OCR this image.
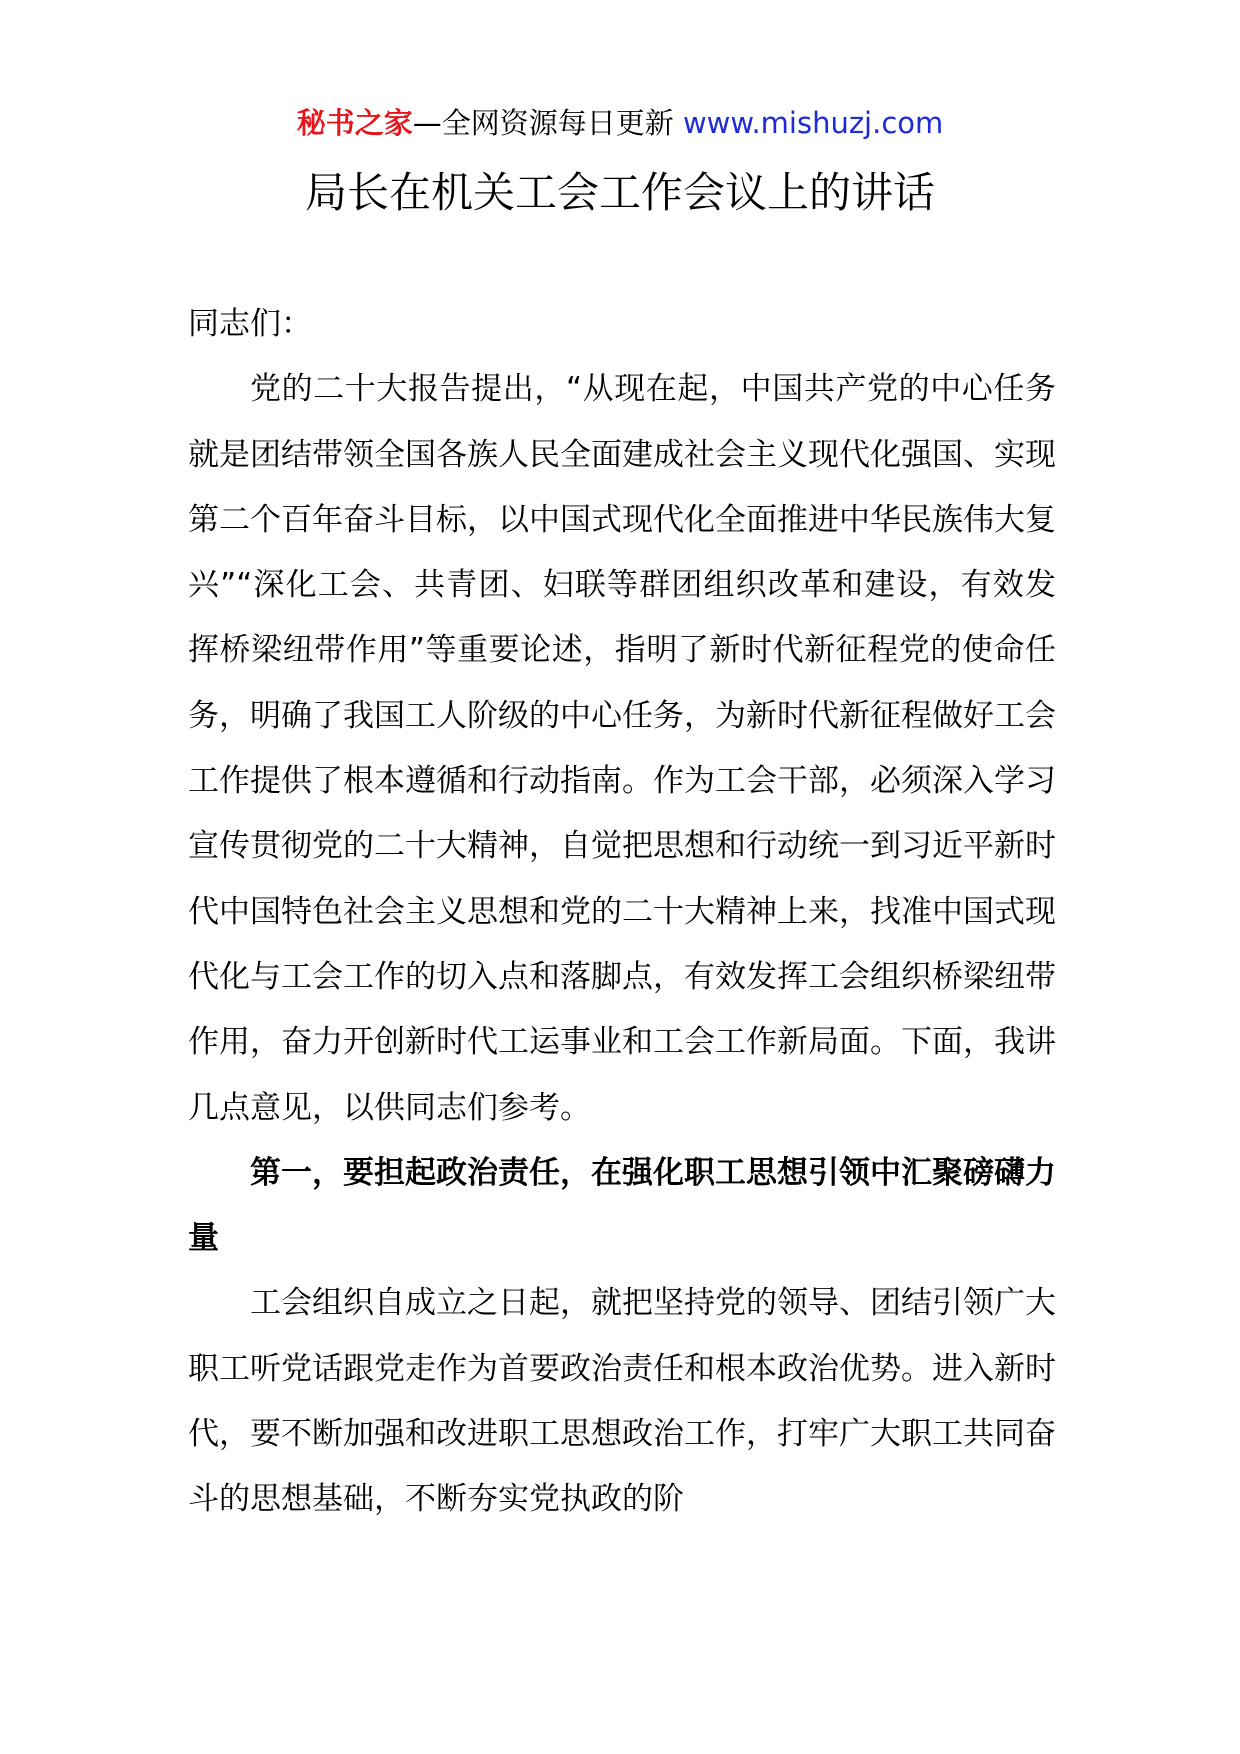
秘书之家—全网资源每日更新 www.mishuzj.com
局长在机关工会工作会议上的讲话

同志们：

党的二十大报告提出，“从现在起，中国共产党的中心任务就是团结带领全国各族人民全面建成社会主义现代化强国、实现第二个百年奋斗目标，以中国式现代化全面推进中华民族伟大复兴”“深化工会、共青团、妇联等群团组织改革和建设，有效发挥桥梁纽带作用”等重要论述，指明了新时代新征程党的使命任务，明确了我国工人阶级的中心任务，为新时代新征程做好工会工作提供了根本遵循和行动指南。作为工会干部，必须深入学习宣传贯彻党的二十大精神，自觉把思想和行动统一到习近平新时代中国特色社会主义思想和党的二十大精神上来，找准中国式现代化与工会工作的切入点和落脚点，有效发挥工会组织桥梁纽带作用，奋力开创新时代工运事业和工会工作新局面。下面，我讲几点意见，以供同志们参考。

第一，要担起政治责任，在强化职工思想引领中汇聚磅礴力量

工会组织自成立之日起，就把坚持党的领导、团结引领广大职工听党话跟党走作为首要政治责任和根本政治优势。进入新时代，要不断加强和改进职工思想政治工作，打牢广大职工共同奋斗的思想基础，不断夯实党执政的阶
